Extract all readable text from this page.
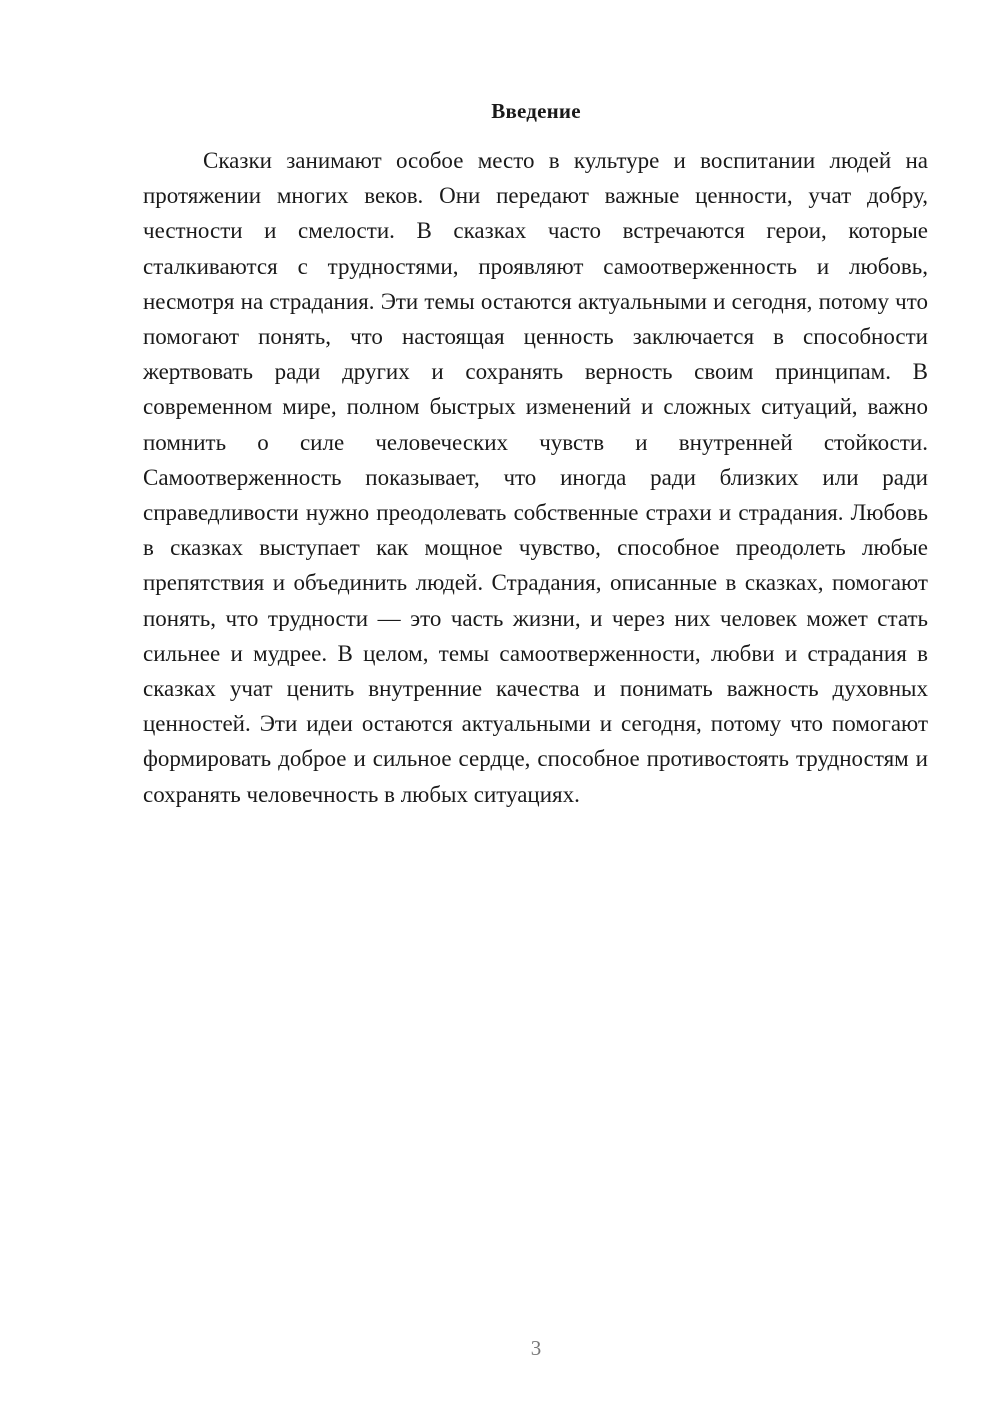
Введение

Сказки занимают особое место в культуре и воспитании людей на протяжении многих веков. Они передают важные ценности, учат добру, честности и смелости. В сказках часто встречаются герои, которые сталкиваются с трудностями, проявляют самоотверженность и любовь, несмотря на страдания. Эти темы остаются актуальными и сегодня, потому что помогают понять, что настоящая ценность заключается в способности жертвовать ради других и сохранять верность своим принципам. В современном мире, полном быстрых изменений и сложных ситуаций, важно помнить о силе человеческих чувств и внутренней стойкости. Самоотверженность показывает, что иногда ради близких или ради справедливости нужно преодолевать собственные страхи и страдания. Любовь в сказках выступает как мощное чувство, способное преодолеть любые препятствия и объединить людей. Страдания, описанные в сказках, помогают понять, что трудности — это часть жизни, и через них человек может стать сильнее и мудрее. В целом, темы самоотверженности, любви и страдания в сказках учат ценить внутренние качества и понимать важность духовных ценностей. Эти идеи остаются актуальными и сегодня, потому что помогают формировать доброе и сильное сердце, способное противостоять трудностям и сохранять человечность в любых ситуациях.

3
